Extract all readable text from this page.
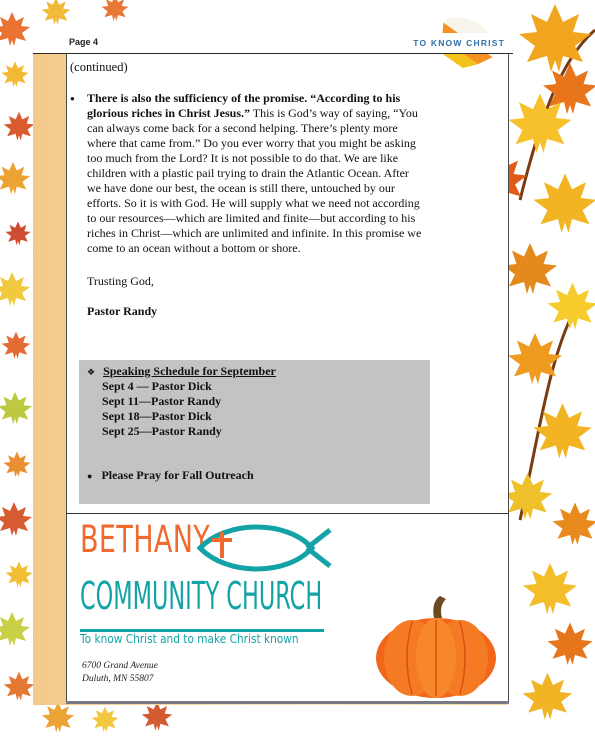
Page 4	TO KNOW CHRIST

(continued)

● There is also the sufficiency of the promise. “According to his glorious riches in Christ Jesus.” This is God’s way of saying, “You can always come back for a second helping. There’s plenty more where that came from.” Do you ever worry that you might be asking too much from the Lord? It is not possible to do that. We are like children with a plastic pail trying to drain the Atlantic Ocean. After we have done our best, the ocean is still there, untouched by our efforts. So it is with God. He will supply what we need not according to our resources—which are limited and finite—but according to his riches in Christ—which are unlimited and infinite. In this promise we come to an ocean without a bottom or shore.

Trusting God,

Pastor Randy

❖ Speaking Schedule for September
Sept 4 — Pastor Dick
Sept 11—Pastor Randy
Sept 18—Pastor Dick
Sept 25—Pastor Randy
● Please Pray for Fall Outreach
BETHANY
COMMUNITY CHURCH
To know Christ and to make Christ known
6700 Grand Avenue
Duluth, MN 55807
